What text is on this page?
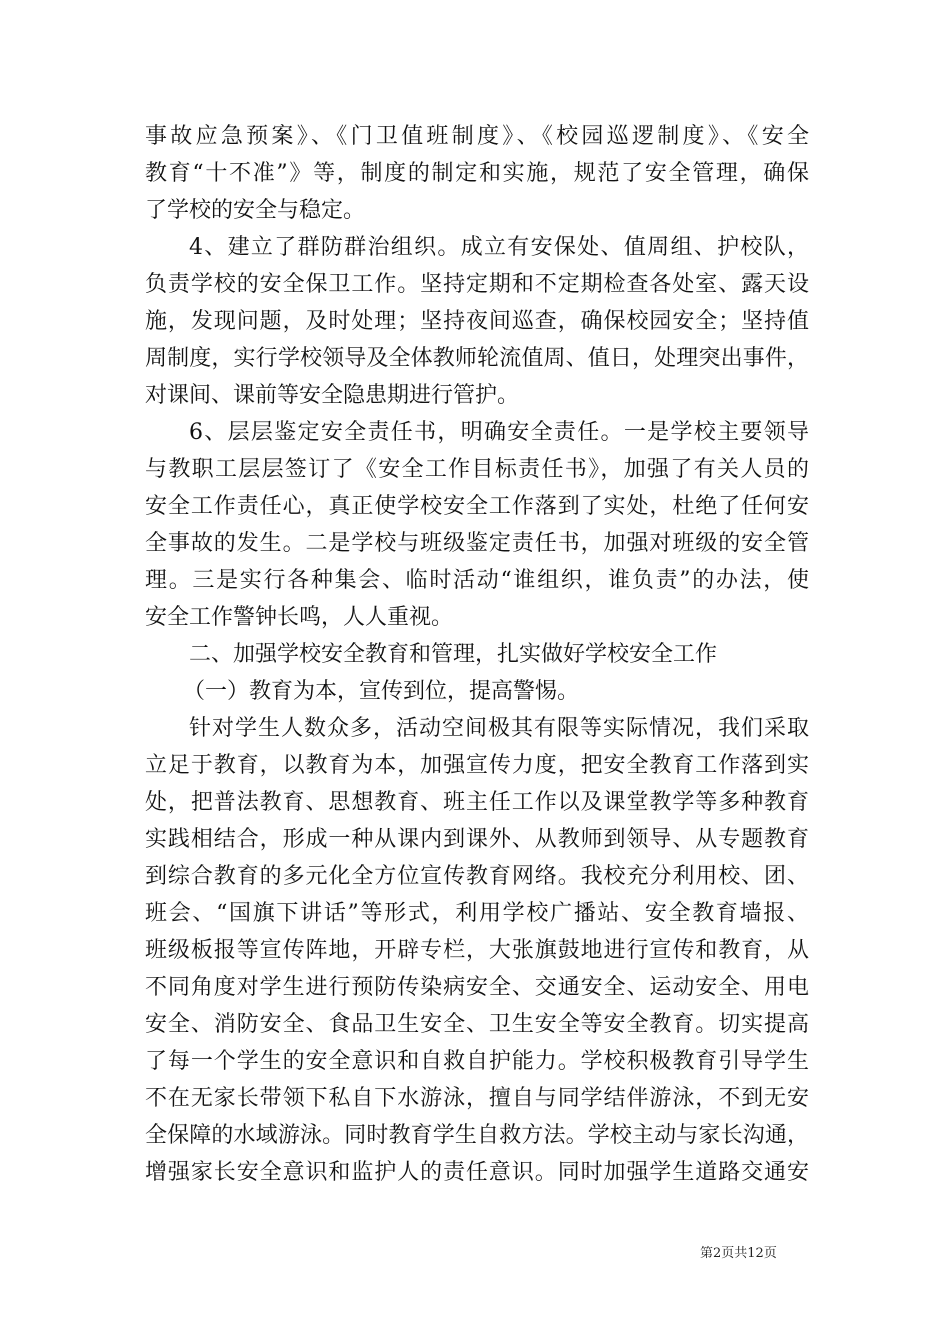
事故应急预案》、《门卫值班制度》、《校园巡逻制度》、《安全
教育“十不准”》等，制度的制定和实施，规范了安全管理，确保
了学校的安全与稳定。
4、建立了群防群治组织。成立有安保处、值周组、护校队，
负责学校的安全保卫工作。坚持定期和不定期检查各处室、露天设
施，发现问题，及时处理；坚持夜间巡查，确保校园安全；坚持值
周制度，实行学校领导及全体教师轮流值周、值日，处理突出事件，
对课间、课前等安全隐患期进行管护。
6、层层鉴定安全责任书，明确安全责任。一是学校主要领导
与教职工层层签订了《安全工作目标责任书》，加强了有关人员的
安全工作责任心，真正使学校安全工作落到了实处，杜绝了任何安
全事故的发生。二是学校与班级鉴定责任书，加强对班级的安全管
理。三是实行各种集会、临时活动“谁组织，谁负责”的办法，使
安全工作警钟长鸣，人人重视。
二、加强学校安全教育和管理，扎实做好学校安全工作
（一）教育为本，宣传到位，提高警惕。
针对学生人数众多，活动空间极其有限等实际情况，我们采取
立足于教育，以教育为本，加强宣传力度，把安全教育工作落到实
处，把普法教育、思想教育、班主任工作以及课堂教学等多种教育
实践相结合，形成一种从课内到课外、从教师到领导、从专题教育
到综合教育的多元化全方位宣传教育网络。我校充分利用校、团、
班会、“国旗下讲话”等形式，利用学校广播站、安全教育墙报、
班级板报等宣传阵地，开辟专栏，大张旗鼓地进行宣传和教育，从
不同角度对学生进行预防传染病安全、交通安全、运动安全、用电
安全、消防安全、食品卫生安全、卫生安全等安全教育。切实提高
了每一个学生的安全意识和自救自护能力。学校积极教育引导学生
不在无家长带领下私自下水游泳，擅自与同学结伴游泳，不到无安
全保障的水域游泳。同时教育学生自救方法。学校主动与家长沟通，
增强家长安全意识和监护人的责任意识。同时加强学生道路交通安
第2页共12页
